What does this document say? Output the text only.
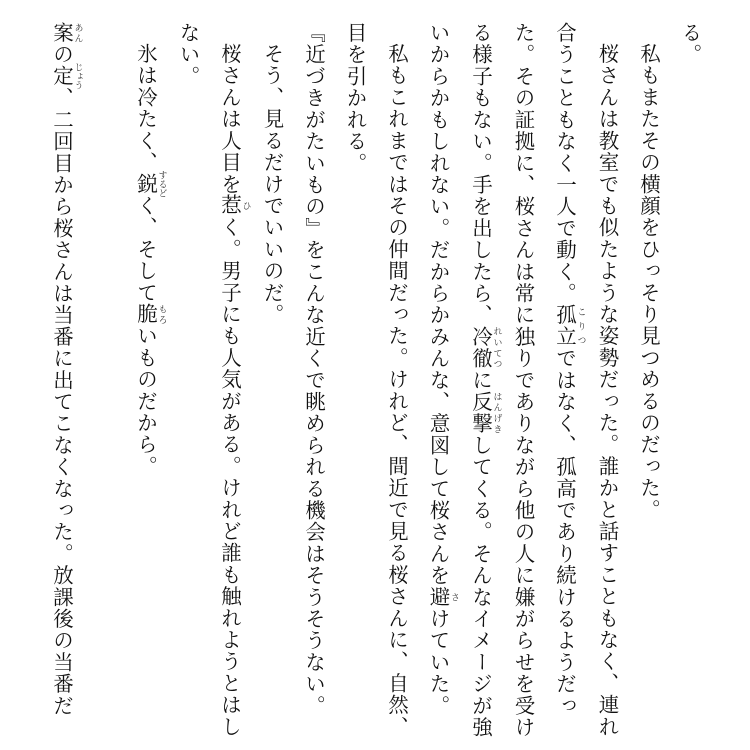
る。
私もまたその横顔をひっそり見つめるのだった。
桜さんは教室でも似たような姿勢だった。誰かと話すこともなく、連れ
合うこともなく一人で動く。孤立 こりつではなく、孤高であり続けるようだっ
た。その証拠に、桜さんは常に独りでありながら他の人に嫌がらせを受け
る様子もない。手を出したら、冷徹 れいてつに反撃 はんげきしてくる。そんなイメージが強
いからかもしれない。だからかみんな、意図して桜さんを避 さけていた。
私もこれまではその仲間だった。けれど、間近で見る桜さんに、自然、
目を引かれる。
『近づきがたいもの』をこんな近くで眺められる機会はそうそうない。
そう、見るだけでいいのだ。
桜さんは人目を惹 ひく。男子にも人気がある。けれど誰も触れようとはし
ない。
氷は冷たく、鋭 するどく、そして脆 もろいものだから。

案 あんの定 じょう、二回目から桜さんは当番に出てこなくなった。放課後の当番だ
